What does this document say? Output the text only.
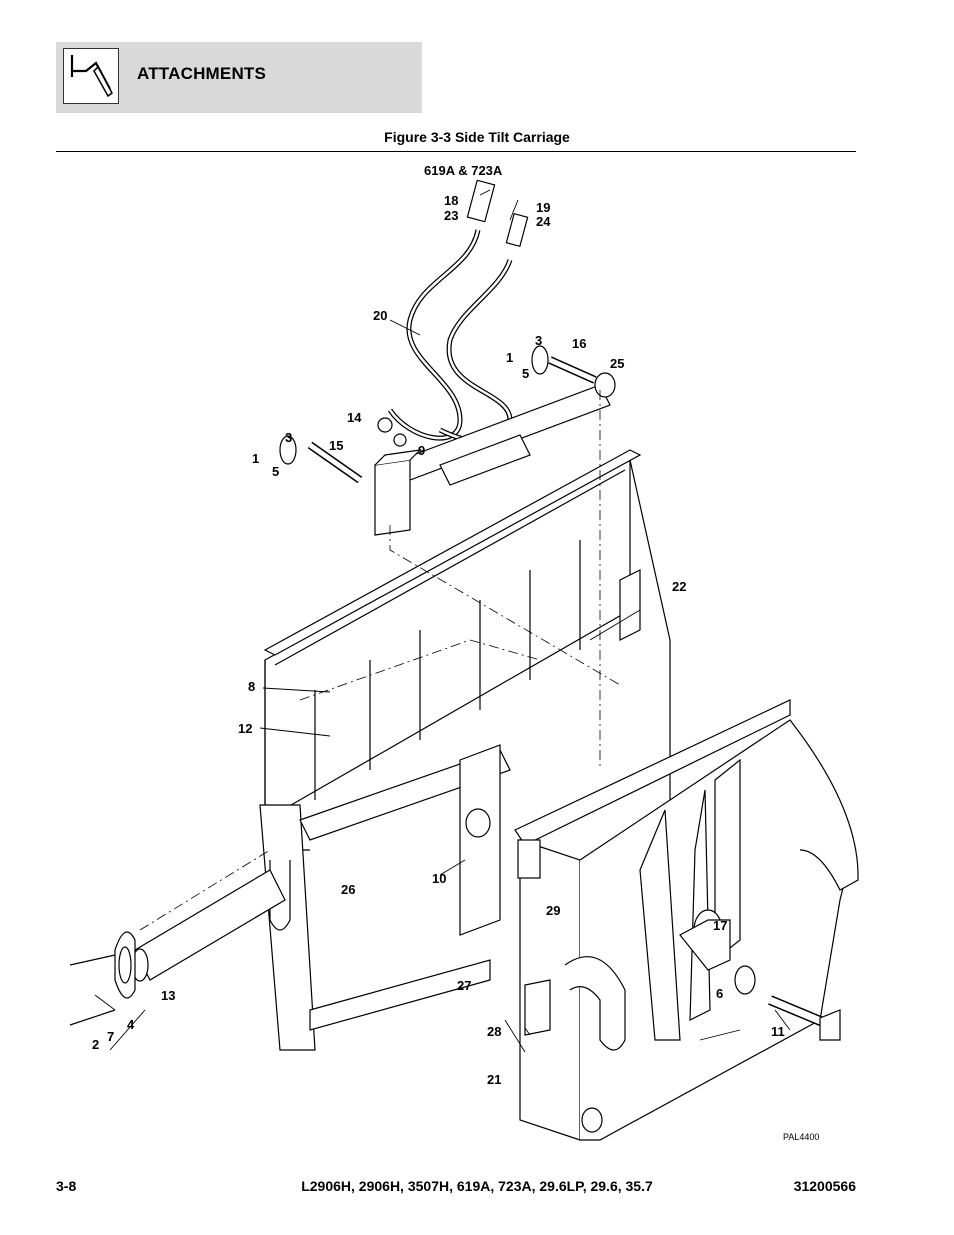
ATTACHMENTS
Figure 3-3 Side Tilt Carriage
18
23
19
24
20
1
3 16
25
5
14
3
15	9
1
5
22
8
12
10
26
29
17
13
27
6
4	28	11
7
2
21
619A & 723A
PAL4400
3-8	L2906H, 2906H, 3507H, 619A, 723A, 29.6LP, 29.6, 35.7	31200566
